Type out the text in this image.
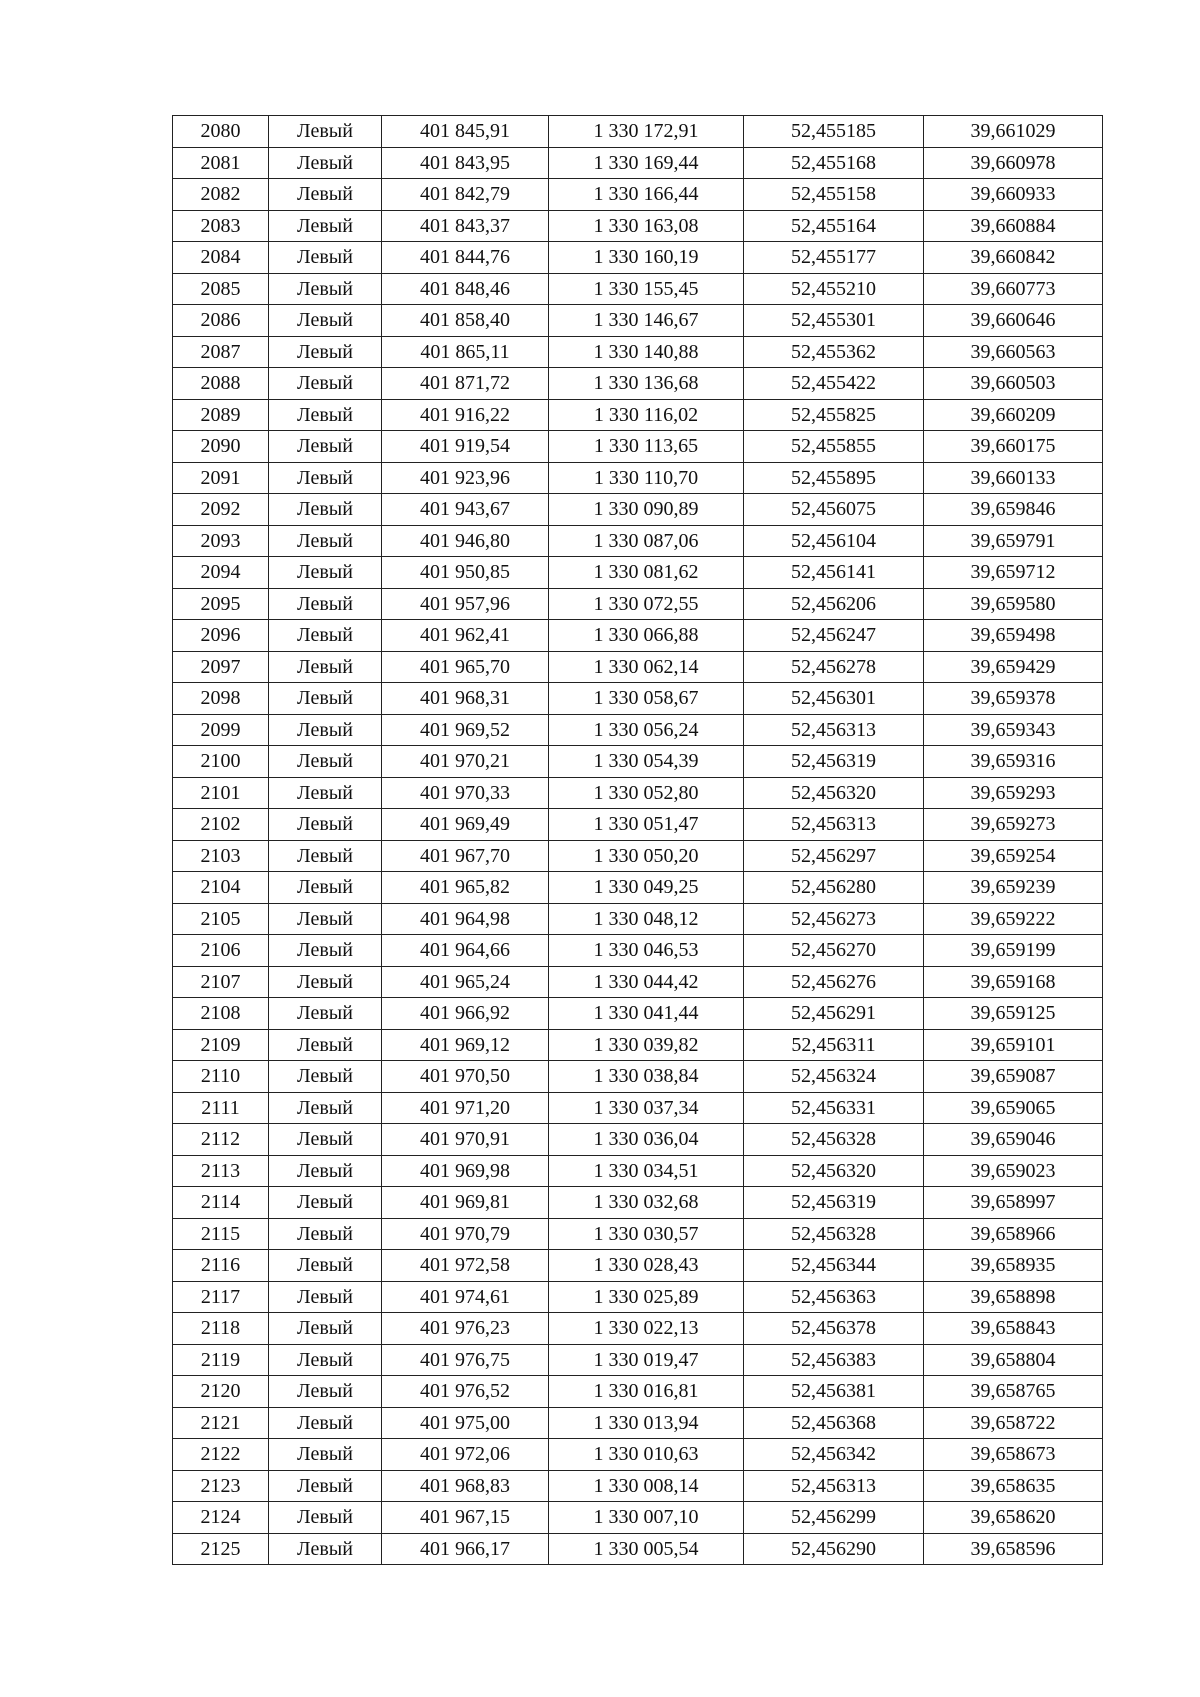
2080	Левый	401 845,91	1 330 172,91	52,455185	39,661029
2081	Левый	401 843,95	1 330 169,44	52,455168	39,660978
2082	Левый	401 842,79	1 330 166,44	52,455158	39,660933
2083	Левый	401 843,37	1 330 163,08	52,455164	39,660884
2084	Левый	401 844,76	1 330 160,19	52,455177	39,660842
2085	Левый	401 848,46	1 330 155,45	52,455210	39,660773
2086	Левый	401 858,40	1 330 146,67	52,455301	39,660646
2087	Левый	401 865,11	1 330 140,88	52,455362	39,660563
2088	Левый	401 871,72	1 330 136,68	52,455422	39,660503
2089	Левый	401 916,22	1 330 116,02	52,455825	39,660209
2090	Левый	401 919,54	1 330 113,65	52,455855	39,660175
2091	Левый	401 923,96	1 330 110,70	52,455895	39,660133
2092	Левый	401 943,67	1 330 090,89	52,456075	39,659846
2093	Левый	401 946,80	1 330 087,06	52,456104	39,659791
2094	Левый	401 950,85	1 330 081,62	52,456141	39,659712
2095	Левый	401 957,96	1 330 072,55	52,456206	39,659580
2096	Левый	401 962,41	1 330 066,88	52,456247	39,659498
2097	Левый	401 965,70	1 330 062,14	52,456278	39,659429
2098	Левый	401 968,31	1 330 058,67	52,456301	39,659378
2099	Левый	401 969,52	1 330 056,24	52,456313	39,659343
2100	Левый	401 970,21	1 330 054,39	52,456319	39,659316
2101	Левый	401 970,33	1 330 052,80	52,456320	39,659293
2102	Левый	401 969,49	1 330 051,47	52,456313	39,659273
2103	Левый	401 967,70	1 330 050,20	52,456297	39,659254
2104	Левый	401 965,82	1 330 049,25	52,456280	39,659239
2105	Левый	401 964,98	1 330 048,12	52,456273	39,659222
2106	Левый	401 964,66	1 330 046,53	52,456270	39,659199
2107	Левый	401 965,24	1 330 044,42	52,456276	39,659168
2108	Левый	401 966,92	1 330 041,44	52,456291	39,659125
2109	Левый	401 969,12	1 330 039,82	52,456311	39,659101
2110	Левый	401 970,50	1 330 038,84	52,456324	39,659087
2111	Левый	401 971,20	1 330 037,34	52,456331	39,659065
2112	Левый	401 970,91	1 330 036,04	52,456328	39,659046
2113	Левый	401 969,98	1 330 034,51	52,456320	39,659023
2114	Левый	401 969,81	1 330 032,68	52,456319	39,658997
2115	Левый	401 970,79	1 330 030,57	52,456328	39,658966
2116	Левый	401 972,58	1 330 028,43	52,456344	39,658935
2117	Левый	401 974,61	1 330 025,89	52,456363	39,658898
2118	Левый	401 976,23	1 330 022,13	52,456378	39,658843
2119	Левый	401 976,75	1 330 019,47	52,456383	39,658804
2120	Левый	401 976,52	1 330 016,81	52,456381	39,658765
2121	Левый	401 975,00	1 330 013,94	52,456368	39,658722
2122	Левый	401 972,06	1 330 010,63	52,456342	39,658673
2123	Левый	401 968,83	1 330 008,14	52,456313	39,658635
2124	Левый	401 967,15	1 330 007,10	52,456299	39,658620
2125	Левый	401 966,17	1 330 005,54	52,456290	39,658596
